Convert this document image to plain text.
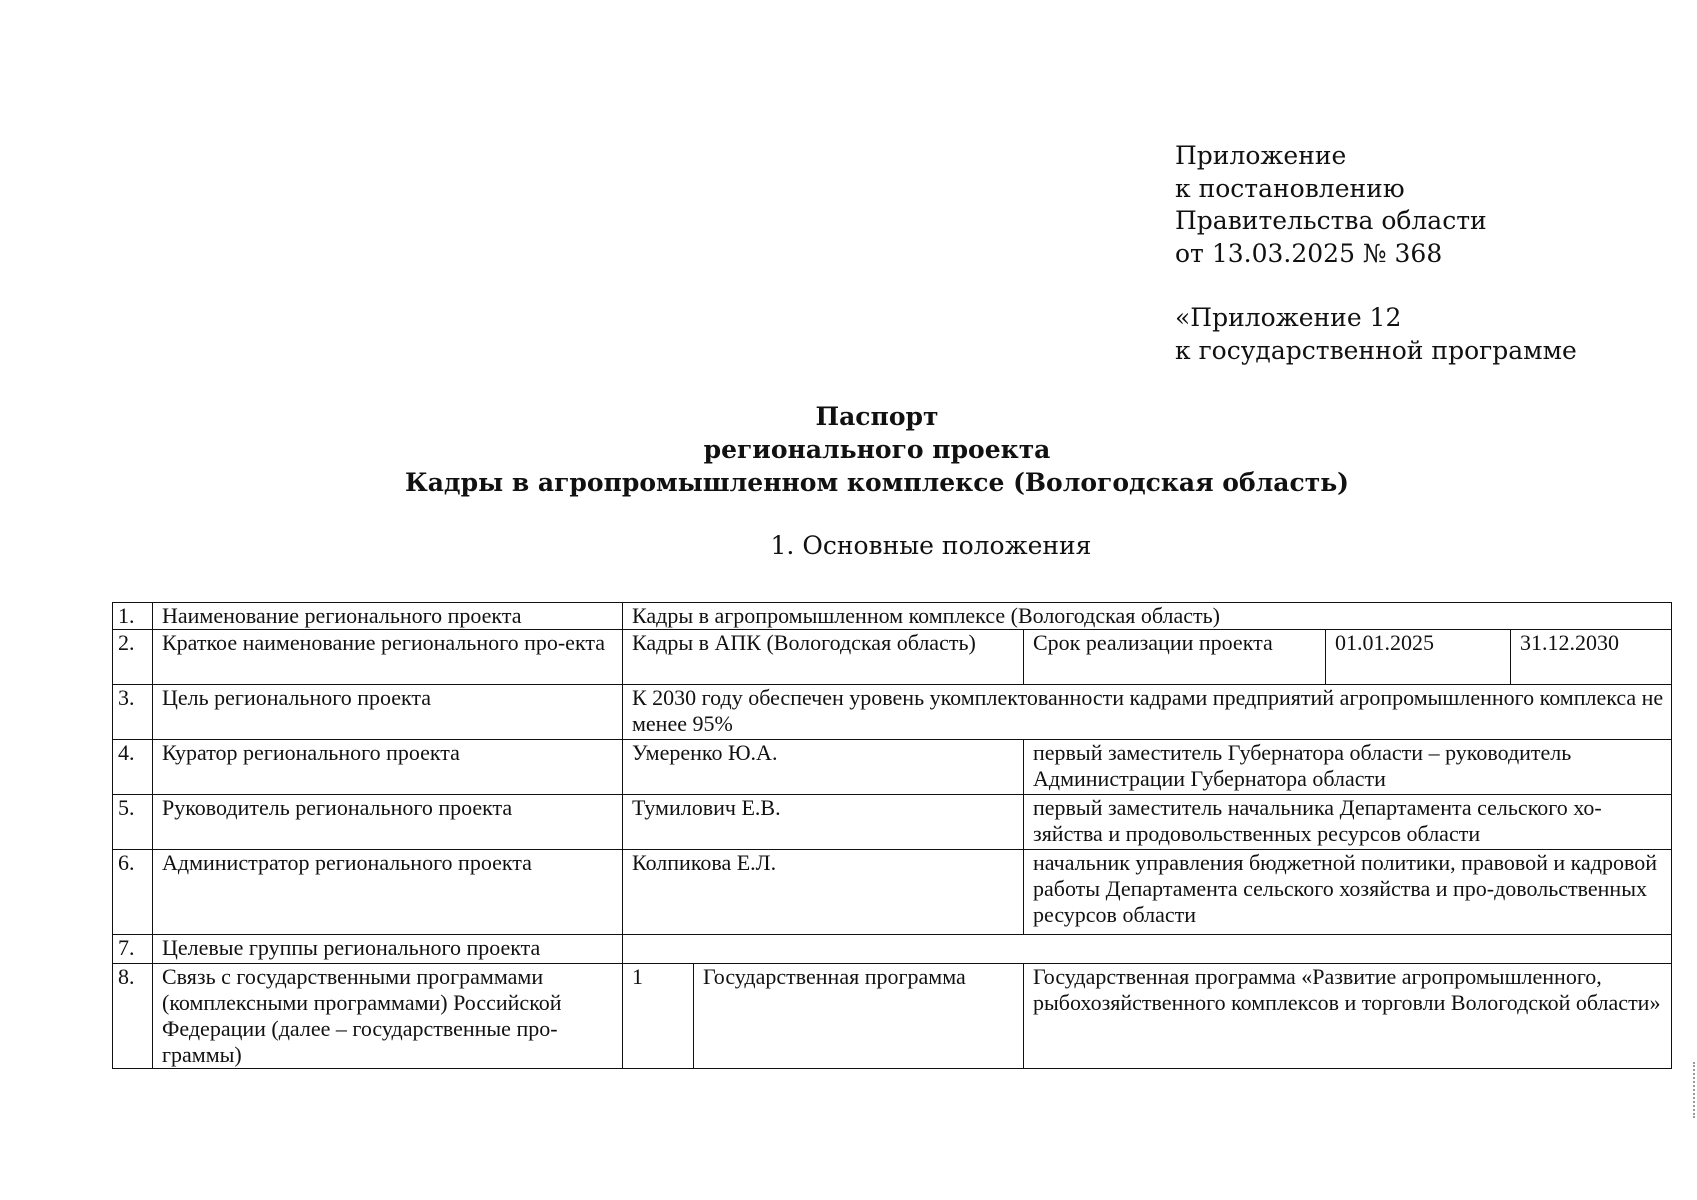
Приложение
к постановлению
Правительства области
от 13.03.2025 № 368
«Приложение 12
к государственной программе
Паспорт
регионального проекта
Кадры в агропромышленном комплексе (Вологодская область)
1. Основные положения
1.	Наименование регионального проекта	Кадры в агропромышленном комплексе (Вологодская область)				
2.	Краткое наименование регионального про-екта	Кадры в АПК (Вологодская область)		Срок реализации проекта	01.01.2025	31.12.2030
3.	Цель регионального проекта	К 2030 году обеспечен уровень укомплектованности кадрами предприятий агропромышленного комплекса не менее 95%				
4.	Куратор регионального проекта	Умеренко Ю.А.		первый заместитель Губернатора области – руководитель Администрации Губернатора области		
5.	Руководитель регионального проекта	Тумилович Е.В.		первый заместитель начальника Департамента сельского хо-зяйства и продовольственных ресурсов области		
6.	Администратор регионального проекта	Колпикова Е.Л.		начальник управления бюджетной политики, правовой и кадровой работы Департамента сельского хозяйства и про-довольственных ресурсов области		
7.	Целевые группы регионального проекта					
8.	Связь с государственными программами (комплексными программами) Российской Федерации (далее – государственные про-граммы)	1	Государственная программа	Государственная программа «Развитие агропромышленного, рыбохозяйственного комплексов и торговли Вологодской области»		
